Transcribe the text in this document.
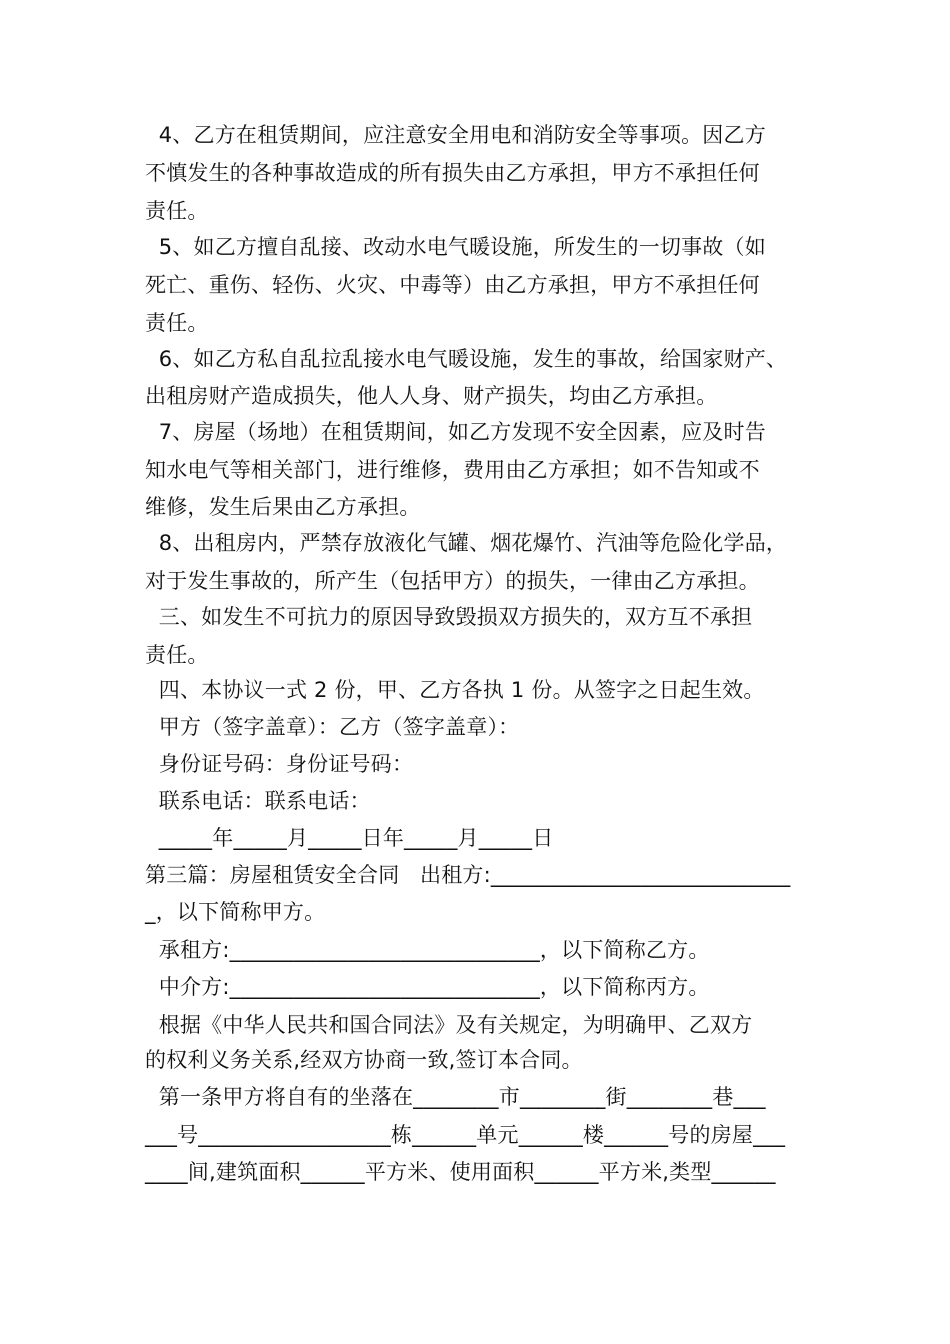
4、乙方在租赁期间，应注意安全用电和消防安全等事项。因乙方
不慎发生的各种事故造成的所有损失由乙方承担，甲方不承担任何
责任。
5、如乙方擅自乱接、改动水电气暖设施，所发生的一切事故（如
死亡、重伤、轻伤、火灾、中毒等）由乙方承担，甲方不承担任何
责任。
6、如乙方私自乱拉乱接水电气暖设施，发生的事故，给国家财产、
出租房财产造成损失，他人人身、财产损失，均由乙方承担。
7、房屋（场地）在租赁期间，如乙方发现不安全因素，应及时告
知水电气等相关部门，进行维修，费用由乙方承担；如不告知或不
维修，发生后果由乙方承担。
8、出租房内，严禁存放液化气罐、烟花爆竹、汽油等危险化学品，
对于发生事故的，所产生（包括甲方）的损失，一律由乙方承担。
三、如发生不可抗力的原因导致毁损双方损失的，双方互不承担
责任。
四、本协议一式 2 份，甲、乙方各执 1 份。从签字之日起生效。
甲方（签字盖章）：乙方（签字盖章）：
身份证号码：身份证号码：
联系电话：联系电话：
_____年_____月_____日年_____月_____日
第三篇：房屋租赁安全合同   出租方:____________________________
_，以下简称甲方。
承租方:_____________________________，以下简称乙方。
中介方:_____________________________，以下简称丙方。
根据《中华人民共和国合同法》及有关规定，为明确甲、乙双方
的权利义务关系,经双方协商一致,签订本合同。
第一条甲方将自有的坐落在________市________街________巷___
___号__________________栋______单元______楼______号的房屋___
____间,建筑面积______平方米、使用面积______平方米,类型______
